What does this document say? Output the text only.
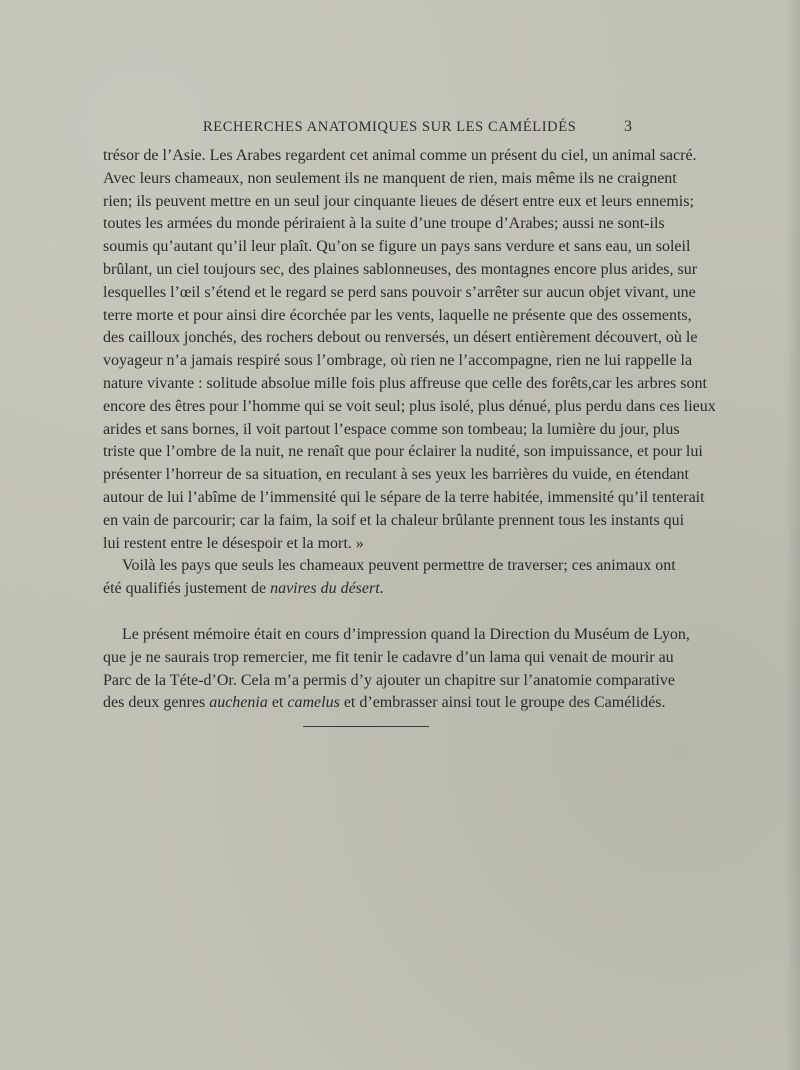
RECHERCHES ANATOMIQUES SUR LES CAMÉLIDÉS	3
trésor de l’Asie. Les Arabes regardent cet animal comme un présent du ciel, un animal sacré.
Avec leurs chameaux, non seulement ils ne manquent de rien, mais même ils ne craignent
rien; ils peuvent mettre en un seul jour cinquante lieues de désert entre eux et leurs ennemis;
toutes les armées du monde périraient à la suite d’une troupe d’Arabes; aussi ne sont-ils
soumis qu’autant qu’il leur plaît. Qu’on se figure un pays sans verdure et sans eau, un soleil
brûlant, un ciel toujours sec, des plaines sablonneuses, des montagnes encore plus arides, sur
lesquelles l’œil s’étend et le regard se perd sans pouvoir s’arrêter sur aucun objet vivant, une
terre morte et pour ainsi dire écorchée par les vents, laquelle ne présente que des ossements,
des cailloux jonchés, des rochers debout ou renversés, un désert entièrement découvert, où le
voyageur n’a jamais respiré sous l’ombrage, où rien ne l’accompagne, rien ne lui rappelle la
nature vivante : solitude absolue mille fois plus affreuse que celle des forêts,car les arbres sont
encore des êtres pour l’homme qui se voit seul; plus isolé, plus dénué, plus perdu dans ces lieux
arides et sans bornes, il voit partout l’espace comme son tombeau; la lumière du jour, plus
triste que l’ombre de la nuit, ne renaît que pour éclairer la nudité, son impuissance, et pour lui
présenter l’horreur de sa situation, en reculant à ses yeux les barrières du vuide, en étendant
autour de lui l’abîme de l’immensité qui le sépare de la terre habitée, immensité qu’il tenterait
en vain de parcourir; car la faim, la soif et la chaleur brûlante prennent tous les instants qui
lui restent entre le désespoir et la mort. »
Voilà les pays que seuls les chameaux peuvent permettre de traverser; ces animaux ont
été qualifiés justement de navires du désert.
Le présent mémoire était en cours d’impression quand la Direction du Muséum de Lyon,
que je ne saurais trop remercier, me fit tenir le cadavre d’un lama qui venait de mourir au
Parc de la Téte-d’Or. Cela m’a permis d’y ajouter un chapitre sur l’anatomie comparative
des deux genres auchenia et camelus et d’embrasser ainsi tout le groupe des Camélidés.
